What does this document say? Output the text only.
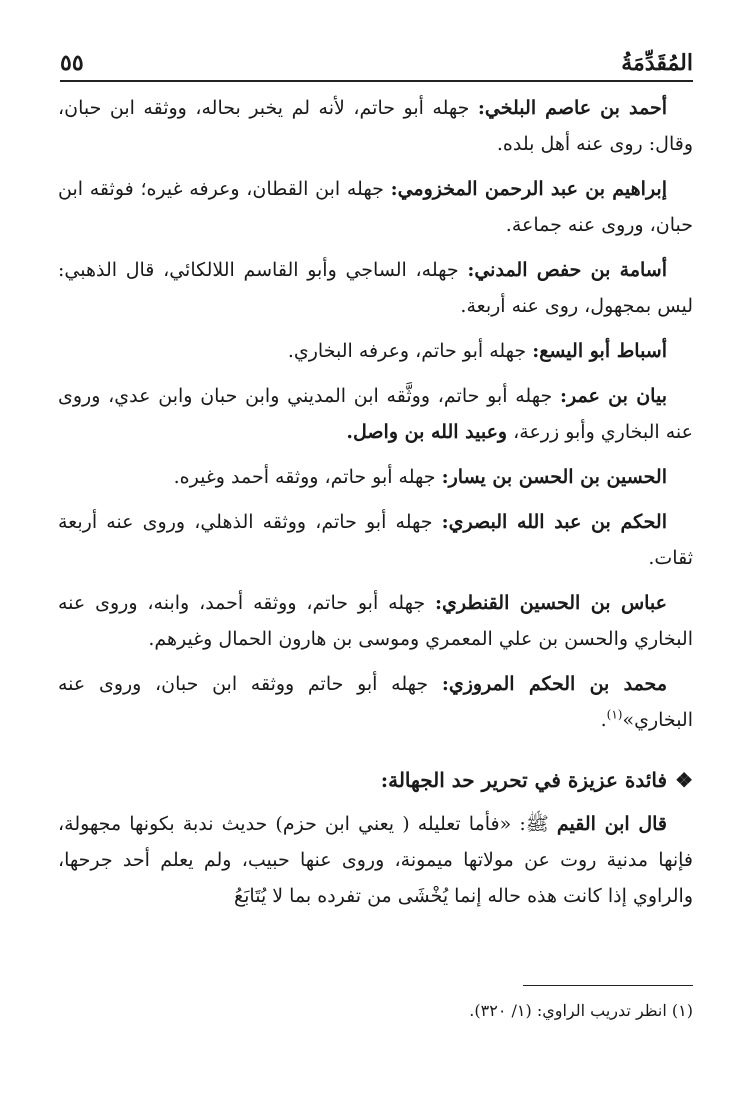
المُقَدِّمَةُ
٥٥

أحمد بن عاصم البلخي: جهله أبو حاتم، لأنه لم يخبر بحاله، ووثقه ابن حبان، وقال: روى عنه أهل بلده.

إبراهيم بن عبد الرحمن المخزومي: جهله ابن القطان، وعرفه غيره؛ فوثقه ابن حبان، وروى عنه جماعة.

أسامة بن حفص المدني: جهله، الساجي وأبو القاسم اللالكائي، قال الذهبي: ليس بمجهول، روى عنه أربعة.

أسباط أبو اليسع: جهله أبو حاتم، وعرفه البخاري.

بيان بن عمر: جهله أبو حاتم، ووثَّقه ابن المديني وابن حبان وابن عدي، وروى عنه البخاري وأبو زرعة، وعبيد الله بن واصل.

الحسين بن الحسن بن يسار: جهله أبو حاتم، ووثقه أحمد وغيره.

الحكم بن عبد الله البصري: جهله أبو حاتم، ووثقه الذهلي، وروى عنه أربعة ثقات.

عباس بن الحسين القنطري: جهله أبو حاتم، ووثقه أحمد، وابنه، وروى عنه البخاري والحسن بن علي المعمري وموسى بن هارون الحمال وغيرهم.

محمد بن الحكم المروزي: جهله أبو حاتم ووثقه ابن حبان، وروى عنه البخاري»$^{(١)}$.

❖فائدة عزيزة في تحرير حد الجهالة:

قال ابن القيم ﷺ: «فأما تعليله ( يعني ابن حزم) حديث ندبة بكونها مجهولة، فإنها مدنية روت عن مولاتها ميمونة، وروى عنها حبيب، ولم يعلم أحد جرحها، والراوي إذا كانت هذه حاله إنما يُخْشَى من تفرده بما لا يُتَابَعُ

(١) انظر تدريب الراوي: (١/ ٣٢٠).
